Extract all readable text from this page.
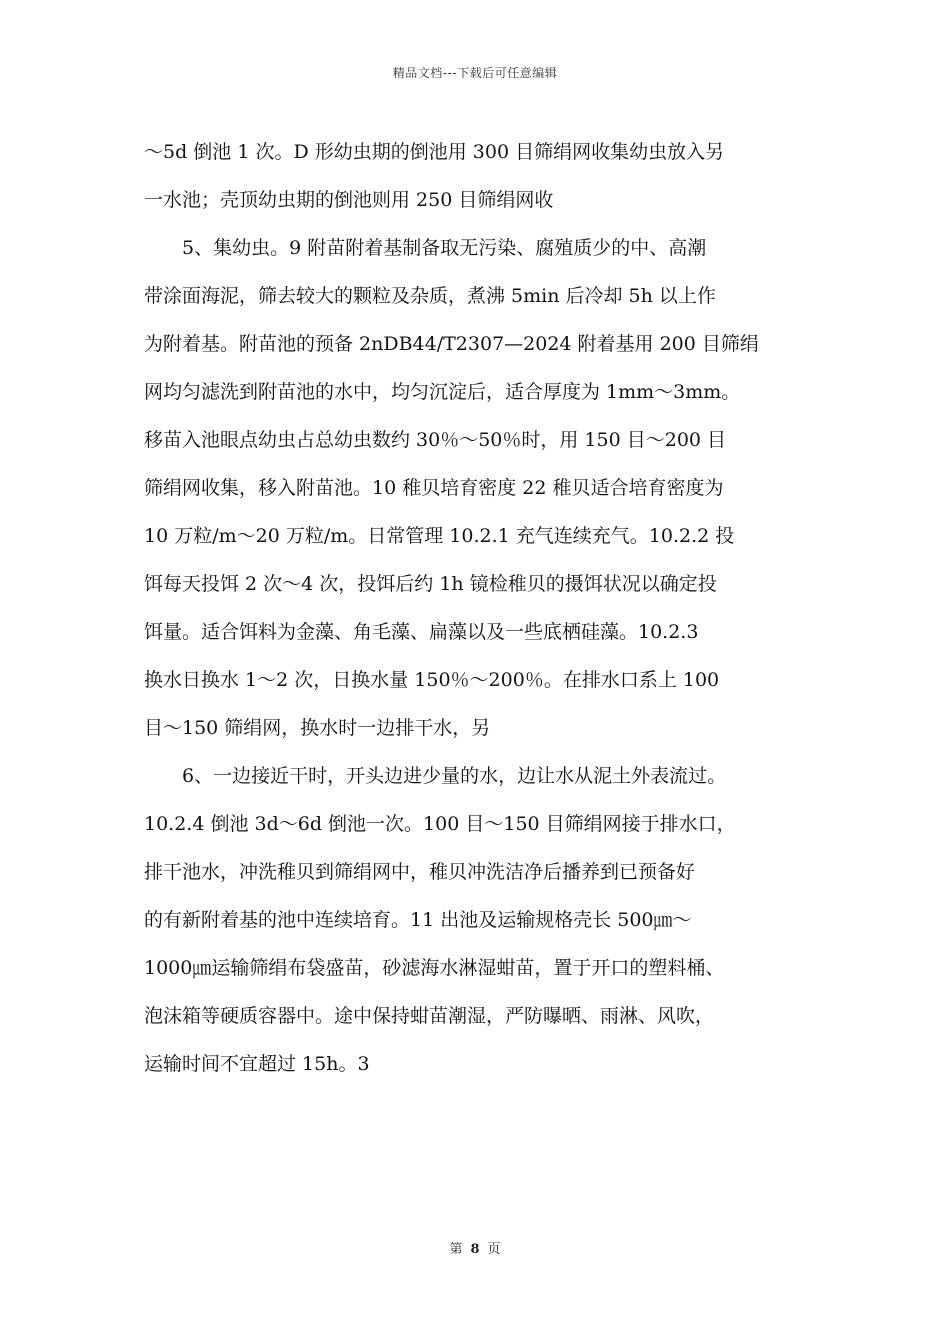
精品文档---下载后可任意编辑
～5d 倒池 1 次。D 形幼虫期的倒池用 300 目筛绢网收集幼虫放入另
一水池；壳顶幼虫期的倒池则用 250 目筛绢网收
5、集幼虫。9 附苗附着基制备取无污染、腐殖质少的中、高潮
带涂面海泥，筛去较大的颗粒及杂质，煮沸 5min 后冷却 5h 以上作
为附着基。附苗池的预备 2nDB44/T2307—2024 附着基用 200 目筛绢
网均匀滤洗到附苗池的水中，均匀沉淀后，适合厚度为 1mm～3mm。
移苗入池眼点幼虫占总幼虫数约 30％～50％时，用 150 目～200 目
筛绢网收集，移入附苗池。10 稚贝培育密度 22 稚贝适合培育密度为
10 万粒/m～20 万粒/m。日常管理 10.2.1 充气连续充气。10.2.2 投
饵每天投饵 2 次～4 次，投饵后约 1h 镜检稚贝的摄饵状况以确定投
饵量。适合饵料为金藻、角毛藻、扁藻以及一些底栖硅藻。10.2.3
换水日换水 1～2 次，日换水量 150％～200％。在排水口系上 100
目～150 筛绢网，换水时一边排干水，另
6、一边接近干时，开头边进少量的水，边让水从泥土外表流过。
10.2.4 倒池 3d～6d 倒池一次。100 目～150 目筛绢网接于排水口，
排干池水，冲洗稚贝到筛绢网中，稚贝冲洗洁净后播养到已预备好
的有新附着基的池中连续培育。11 出池及运输规格壳长 500㎛～
1000㎛运输筛绢布袋盛苗，砂滤海水淋湿蚶苗，置于开口的塑料桶、
泡沫箱等硬质容器中。途中保持蚶苗潮湿，严防曝晒、雨淋、风吹，
运输时间不宜超过 15h。3
第 8 页
